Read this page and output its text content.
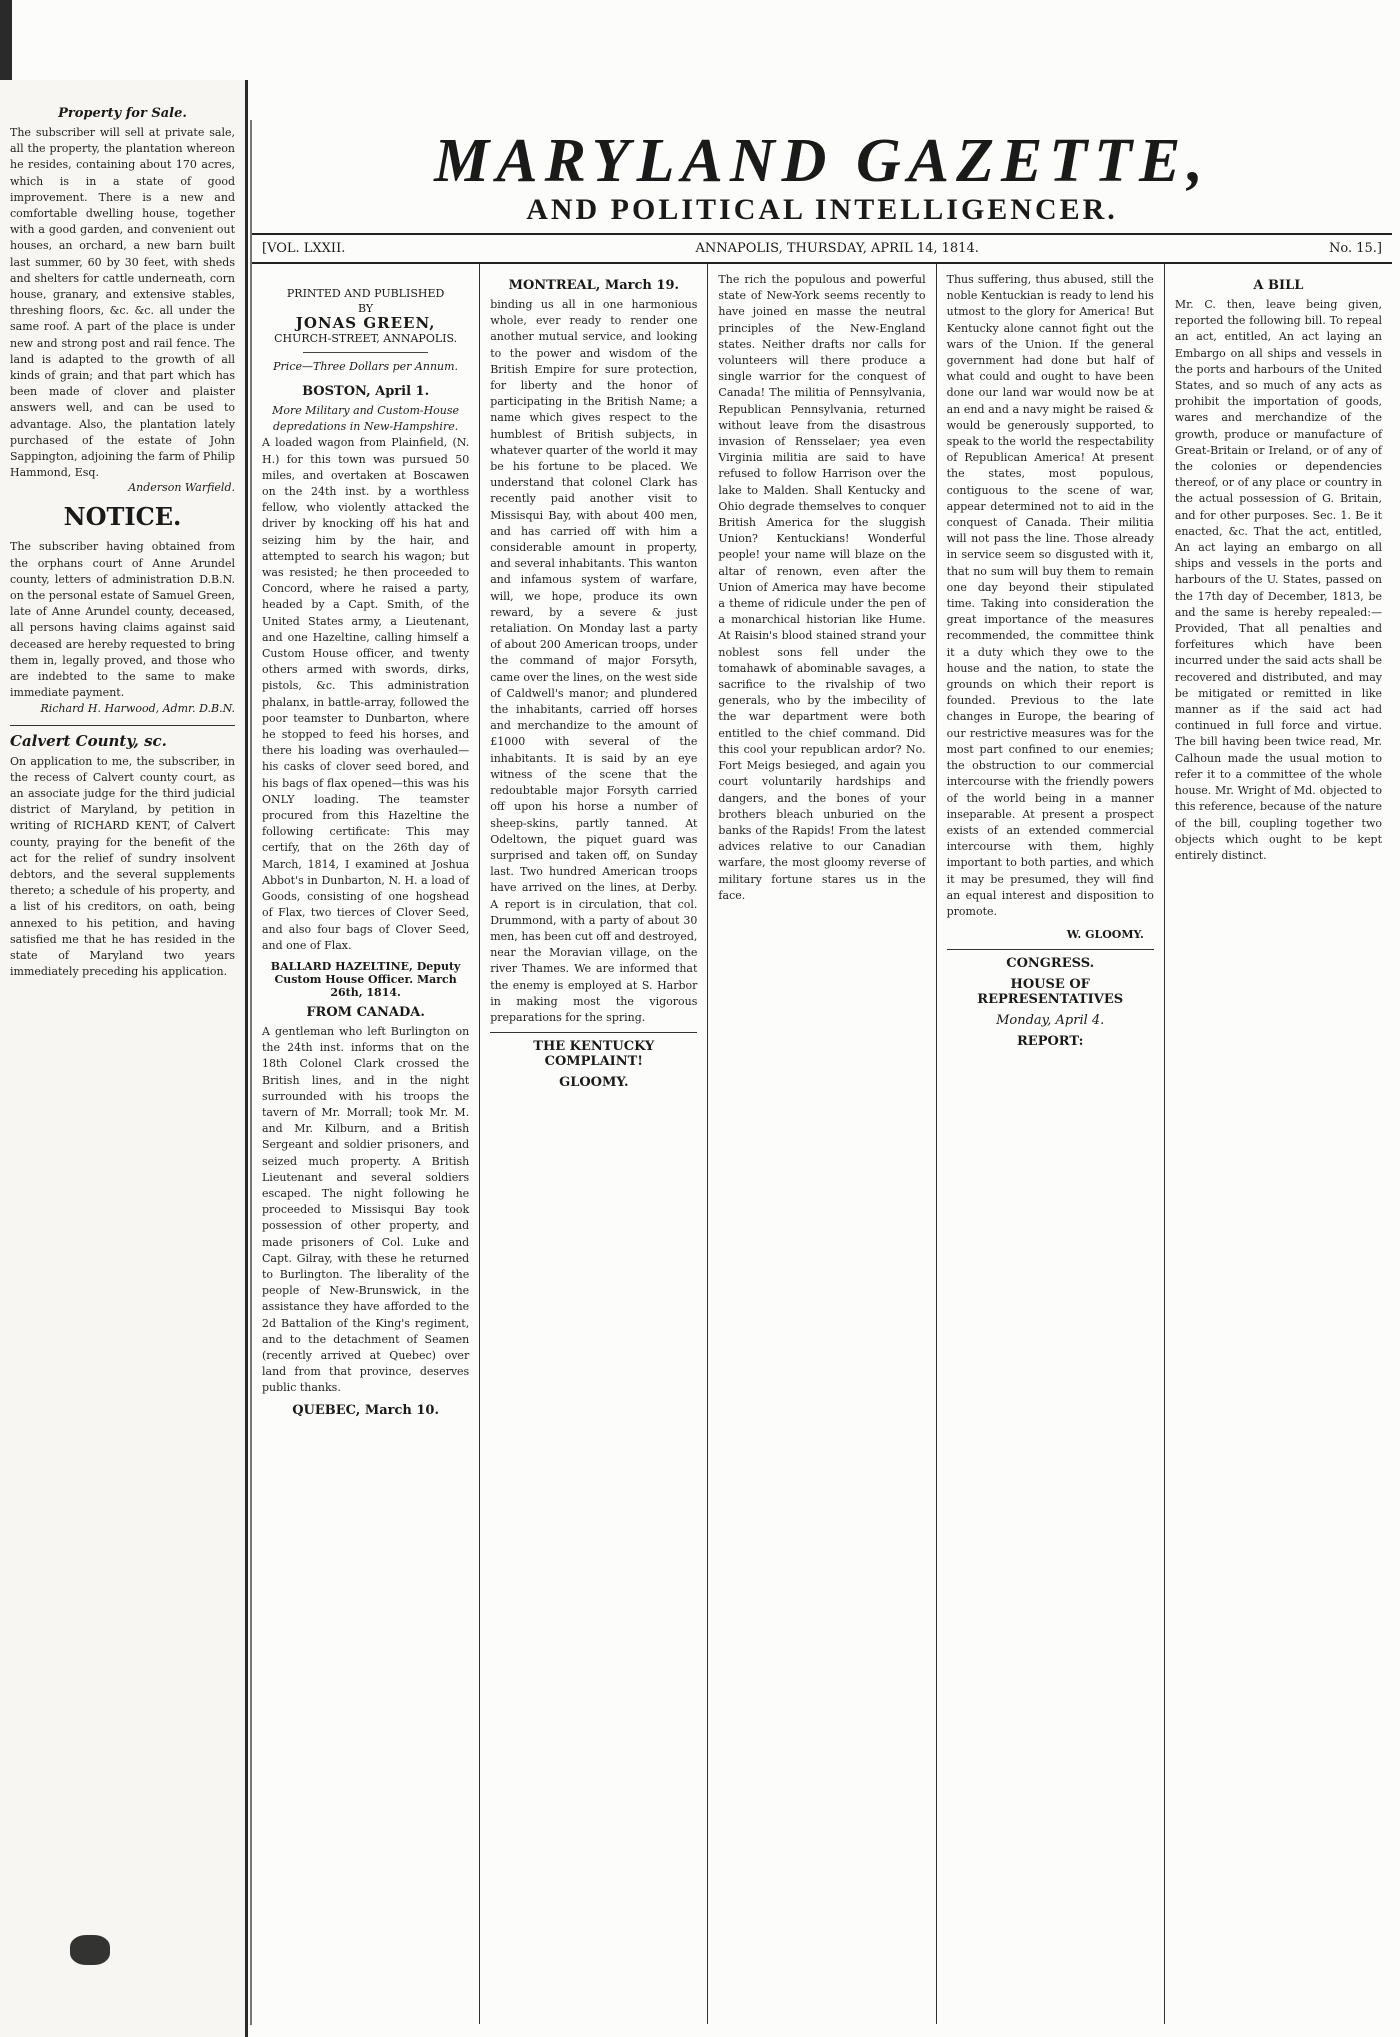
Property for Sale.
The subscriber will sell at private sale, all the property, the plantation whereon he resides, containing about 170 acres, which is in a state of good improvement. There is a new and comfortable dwelling house, together with a good garden, and convenient out houses, an orchard, a new barn built last summer, 60 by 30 feet, with sheds and shelters for cattle underneath, corn house, granary, and extensive stables, threshing floors, &c. &c. all under the same roof. A part of the place is under new and strong post and rail fence. The land is adapted to the growth of all kinds of grain; and that part which has been made of clover and plaister answers well, and can be used to advantage. Also, the plantation lately purchased of the estate of John Sappington, adjoining the farm of Philip Hammond, Esq.
Anderson Warfield.
NOTICE.
The subscriber having obtained from the orphans court of Anne Arundel county, letters of administration D.B.N. on the personal estate of Samuel Green, late of Anne Arundel county, deceased, all persons having claims against said deceased are hereby requested to bring them in, legally proved, and those who are indebted to the same to make immediate payment.
Richard H. Harwood, Admr. D.B.N.
Calvert County, sc.
On application to me, the subscriber, in the recess of Calvert county court, as an associate judge for the third judicial district of Maryland, by petition in writing of RICHARD KENT, of Calvert county, praying for the benefit of the act for the relief of sundry insolvent debtors, and the several supplements thereto; a schedule of his property, and a list of his creditors, on oath, being annexed to his petition, and having satisfied me that he has resided in the state of Maryland two years immediately preceding his application.
MARYLAND GAZETTE,
AND POLITICAL INTELLIGENCER.
[VOL. LXXII.	ANNAPOLIS, THURSDAY, APRIL 14, 1814.	No. 15.]
PRINTED AND PUBLISHED
BY
JONAS GREEN,
CHURCH-STREET, ANNAPOLIS.
Price—Three Dollars per Annum.
BOSTON, April 1.
More Military and Custom-House depredations in New-Hampshire.
A loaded wagon from Plainfield, (N. H.) for this town was pursued 50 miles, and overtaken at Boscawen on the 24th inst. by a worthless fellow, who violently attacked the driver by knocking off his hat and seizing him by the hair, and attempted to search his wagon; but was resisted; he then proceeded to Concord, where he raised a party, headed by a Capt. Smith, of the United States army, a Lieutenant, and one Hazeltine, calling himself a Custom House officer, and twenty others armed with swords, dirks, pistols, &c. This administration phalanx, in battle-array, followed the poor teamster to Dunbarton, where he stopped to feed his horses, and there his loading was overhauled—his casks of clover seed bored, and his bags of flax opened—this was his ONLY loading. The teamster procured from this Hazeltine the following certificate: This may certify, that on the 26th day of March, 1814, I examined at Joshua Abbot's in Dunbarton, N. H. a load of Goods, consisting of one hogshead of Flax, two tierces of Clover Seed, and also four bags of Clover Seed, and one of Flax.
BALLARD HAZELTINE, Deputy Custom House Officer. March 26th, 1814.
FROM CANADA.
A gentleman who left Burlington on the 24th inst. informs that on the 18th Colonel Clark crossed the British lines, and in the night surrounded with his troops the tavern of Mr. Morrall; took Mr. M. and Mr. Kilburn, and a British Sergeant and soldier prisoners, and seized much property. A British Lieutenant and several soldiers escaped. The night following he proceeded to Missisqui Bay took possession of other property, and made prisoners of Col. Luke and Capt. Gilray, with these he returned to Burlington. The liberality of the people of New-Brunswick, in the assistance they have afforded to the 2d Battalion of the King's regiment, and to the detachment of Seamen (recently arrived at Quebec) over land from that province, deserves public thanks.
QUEBEC, March 10.
MONTREAL, March 19.
binding us all in one harmonious whole, ever ready to render one another mutual service, and looking to the power and wisdom of the British Empire for sure protection, for liberty and the honor of participating in the British Name; a name which gives respect to the humblest of British subjects, in whatever quarter of the world it may be his fortune to be placed. We understand that colonel Clark has recently paid another visit to Missisqui Bay, with about 400 men, and has carried off with him a considerable amount in property, and several inhabitants. This wanton and infamous system of warfare, will, we hope, produce its own reward, by a severe & just retaliation. On Monday last a party of about 200 American troops, under the command of major Forsyth, came over the lines, on the west side of Caldwell's manor; and plundered the inhabitants, carried off horses and merchandize to the amount of £1000 with several of the inhabitants. It is said by an eye witness of the scene that the redoubtable major Forsyth carried off upon his horse a number of sheep-skins, partly tanned. At Odeltown, the piquet guard was surprised and taken off, on Sunday last. Two hundred American troops have arrived on the lines, at Derby. A report is in circulation, that col. Drummond, with a party of about 30 men, has been cut off and destroyed, near the Moravian village, on the river Thames. We are informed that the enemy is employed at S. Harbor in making most the vigorous preparations for the spring.
THE KENTUCKY COMPLAINT!
GLOOMY.
The rich the populous and powerful state of New-York seems recently to have joined en masse the neutral principles of the New-England states. Neither drafts nor calls for volunteers will there produce a single warrior for the conquest of Canada! The militia of Pennsylvania, Republican Pennsylvania, returned without leave from the disastrous invasion of Rensselaer; yea even Virginia militia are said to have refused to follow Harrison over the lake to Malden. Shall Kentucky and Ohio degrade themselves to conquer British America for the sluggish Union? Kentuckians! Wonderful people! your name will blaze on the altar of renown, even after the Union of America may have become a theme of ridicule under the pen of a monarchical historian like Hume. At Raisin's blood stained strand your noblest sons fell under the tomahawk of abominable savages, a sacrifice to the rivalship of two generals, who by the imbecility of the war department were both entitled to the chief command. Did this cool your republican ardor? No. Fort Meigs besieged, and again you court voluntarily hardships and dangers, and the bones of your brothers bleach unburied on the banks of the Rapids! From the latest advices relative to our Canadian warfare, the most gloomy reverse of military fortune stares us in the face.
Thus suffering, thus abused, still the noble Kentuckian is ready to lend his utmost to the glory for America! But Kentucky alone cannot fight out the wars of the Union. If the general government had done but half of what could and ought to have been done our land war would now be at an end and a navy might be raised & would be generously supported, to speak to the world the respectability of Republican America! At present the states, most populous, contiguous to the scene of war, appear determined not to aid in the conquest of Canada. Their militia will not pass the line. Those already in service seem so disgusted with it, that no sum will buy them to remain one day beyond their stipulated time. Taking into consideration the great importance of the measures recommended, the committee think it a duty which they owe to the house and the nation, to state the grounds on which their report is founded. Previous to the late changes in Europe, the bearing of our restrictive measures was for the most part confined to our enemies; the obstruction to our commercial intercourse with the friendly powers of the world being in a manner inseparable. At present a prospect exists of an extended commercial intercourse with them, highly important to both parties, and which it may be presumed, they will find an equal interest and disposition to promote.
W. GLOOMY.
CONGRESS.
HOUSE OF REPRESENTATIVES
Monday, April 4.
REPORT:
A BILL
Mr. C. then, leave being given, reported the following bill. To repeal an act, entitled, An act laying an Embargo on all ships and vessels in the ports and harbours of the United States, and so much of any acts as prohibit the importation of goods, wares and merchandize of the growth, produce or manufacture of Great-Britain or Ireland, or of any of the colonies or dependencies thereof, or of any place or country in the actual possession of G. Britain, and for other purposes. Sec. 1. Be it enacted, &c. That the act, entitled, An act laying an embargo on all ships and vessels in the ports and harbours of the U. States, passed on the 17th day of December, 1813, be and the same is hereby repealed:—Provided, That all penalties and forfeitures which have been incurred under the said acts shall be recovered and distributed, and may be mitigated or remitted in like manner as if the said act had continued in full force and virtue. The bill having been twice read, Mr. Calhoun made the usual motion to refer it to a committee of the whole house. Mr. Wright of Md. objected to this reference, because of the nature of the bill, coupling together two objects which ought to be kept entirely distinct.
